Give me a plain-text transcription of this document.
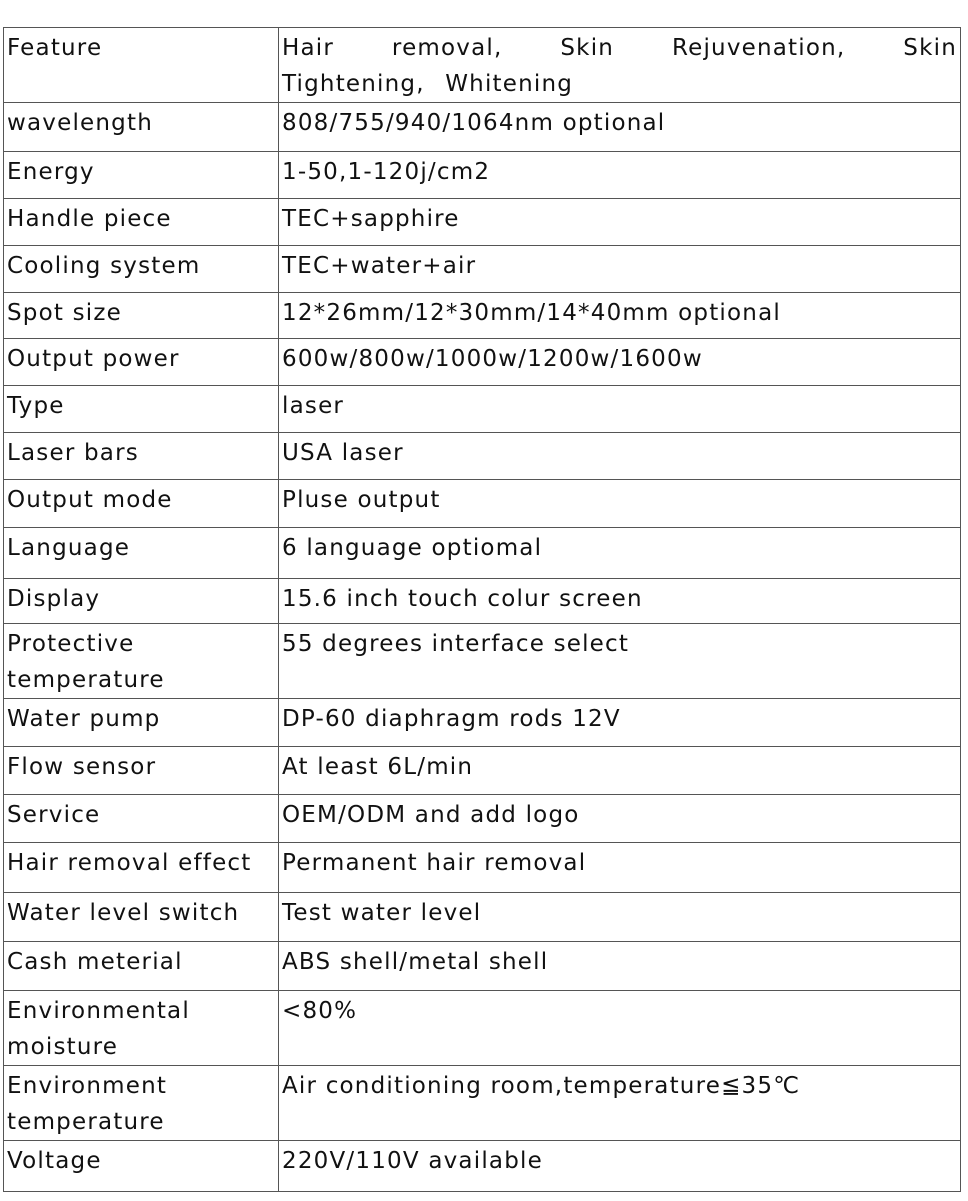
Feature	Hair removal, Skin Rejuvenation, Skin Tightening, Whitening
wavelength	808/755/940/1064nm optional
Energy	1-50,1-120j/cm2
Handle piece	TEC+sapphire
Cooling system	TEC+water+air
Spot size	12*26mm/12*30mm/14*40mm optional
Output power	600w/800w/1000w/1200w/1600w
Type	laser
Laser bars	USA laser
Output mode	Pluse output
Language	6 language optiomal
Display	15.6 inch touch colur screen
Protective temperature	55 degrees interface select
Water pump	DP-60 diaphragm rods 12V
Flow sensor	At least 6L/min
Service	OEM/ODM and add logo
Hair removal effect	Permanent hair removal
Water level switch	Test water level
Cash meterial	ABS shell/metal shell
Environmental moisture	<80%
Environment temperature	Air conditioning room,temperature≦35℃
Voltage	220V/110V available
